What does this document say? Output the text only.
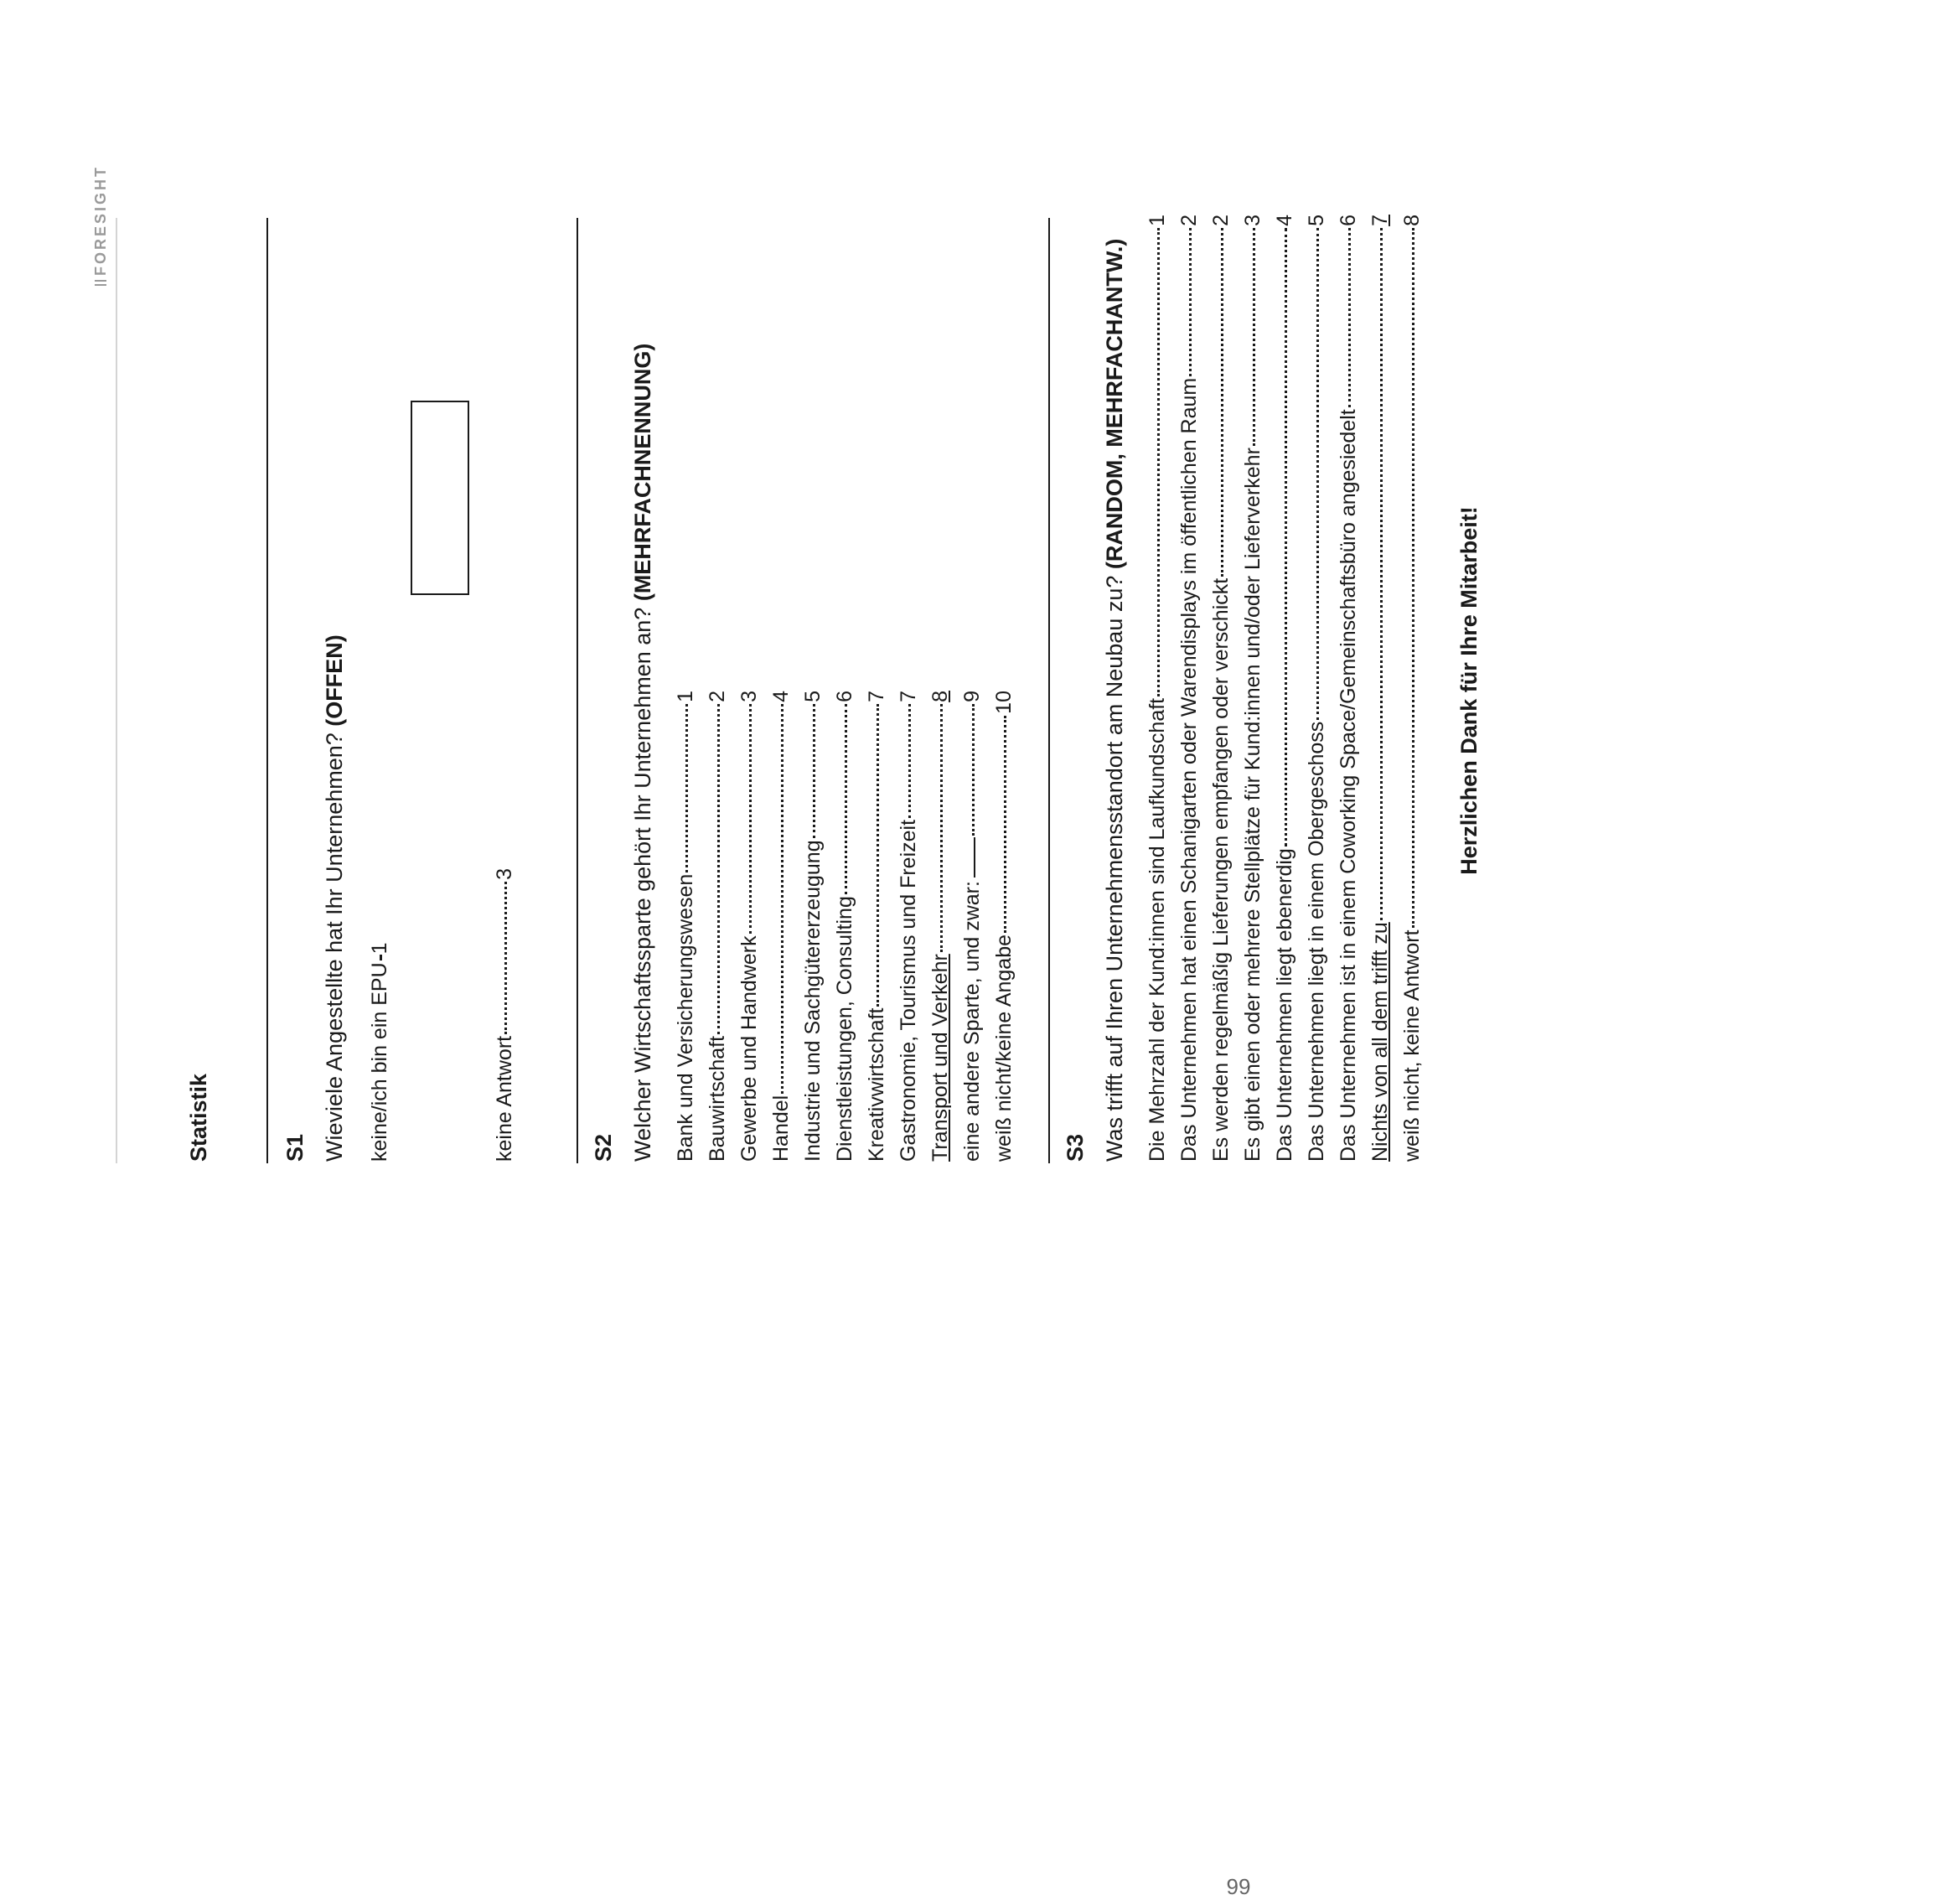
FORESIGHT
Statistik	S1 Wieviele Angestellte hat Ihr Unternehmen? (OFFEN)
keine/ich bin ein EPU
1
keine Antwort
3
S2 Welcher Wirtschaftssparte gehört Ihr Unternehmen an? (MEHRFACHNENNUNG)
Bank und Versicherungswesen
1
Bauwirtschaft
2
Gewerbe und Handwerk
3
Handel
4
Industrie und Sachgütererzeugung
5
Dienstleistungen, Consulting
6
Kreativwirtschaft
7
Gastronomie, Tourismus und Freizeit
7
Transport und Verkehr
8
eine andere Sparte, und zwar:
9
weiß nicht/keine Angabe
10
S3 Was trifft auf Ihren Unternehmensstandort am Neubau zu? (RANDOM, MEHRFACHANTW.)
Die Mehrzahl der Kund:innen sind Laufkundschaft
1
Das Unternehmen hat einen Schanigarten oder Warendisplays im öffentlichen Raum
2
Es werden regelmäßig Lieferungen empfangen oder verschickt
2
Es gibt einen oder mehrere Stellplätze für Kund:innen und/oder Lieferverkehr
3
Das Unternehmen liegt ebenerdig
4
Das Unternehmen liegt in einem Obergeschoss
5
Das Unternehmen ist in einem Coworking Space/Gemeinschaftsbüro angesiedelt
6
Nichts von all dem trifft zu
7
weiß nicht, keine Antwort
8
Herzlichen Dank für Ihre Mitarbeit!
99
